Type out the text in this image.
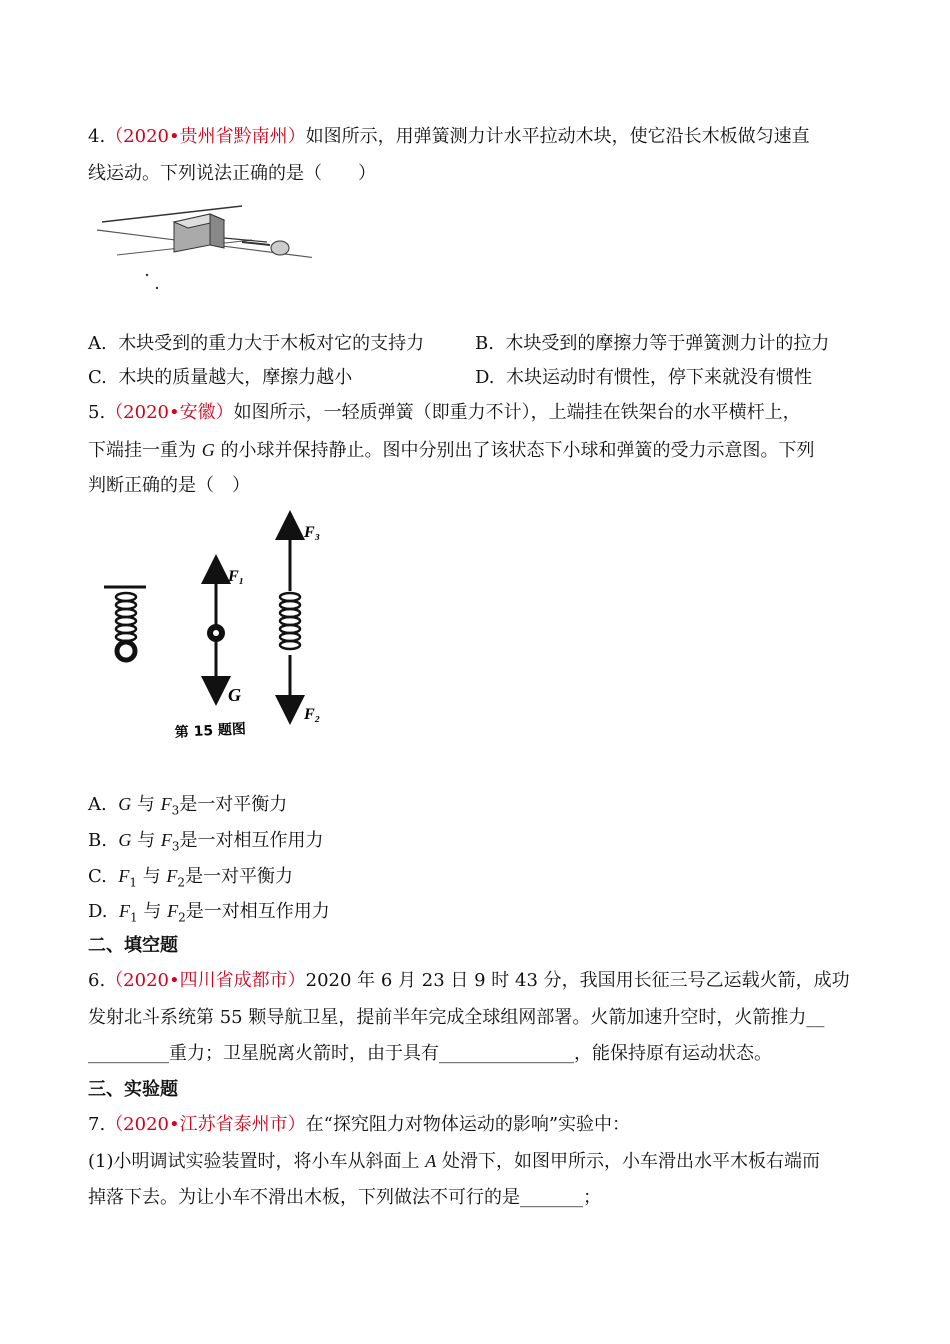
4.（2020•贵州省黔南州）如图所示，用弹簧测力计水平拉动木块，使它沿长木板做匀速直
线运动。下列说法正确的是（　　）
A. 木块受到的重力大于木板对它的支持力	B. 木块受到的摩擦力等于弹簧测力计的拉力
C. 木块的质量越大，摩擦力越小	D. 木块运动时有惯性，停下来就没有惯性
5.（2020•安徽）如图所示，一轻质弹簧（即重力不计），上端挂在铁架台的水平横杆上，
下端挂一重为 G 的小球并保持静止。图中分别出了该状态下小球和弹簧的受力示意图。下列
判断正确的是（　）
F₁
G
F₃
F₂
第 15 题图
A. G 与 $F_3$是一对平衡力
B. G 与 $F_3$是一对相互作用力
C. $F_1$ 与 $F_2$是一对平衡力
D. $F_1$ 与 $F_2$是一对相互作用力
二、填空题
6.（2020•四川省成都市）2020 年 6 月 23 日 9 时 43 分，我国用长征三号乙运载火箭，成功
发射北斗系统第 55 颗导航卫星，提前半年完成全球组网部署。火箭加速升空时，火箭推力__
_________重力；卫星脱离火箭时，由于具有_______________，能保持原有运动状态。
三、实验题
7.（2020•江苏省泰州市）在“探究阻力对物体运动的影响”实验中：
(1)小明调试实验装置时，将小车从斜面上 A 处滑下，如图甲所示，小车滑出水平木板右端而
掉落下去。为让小车不滑出木板，下列做法不可行的是_______；
